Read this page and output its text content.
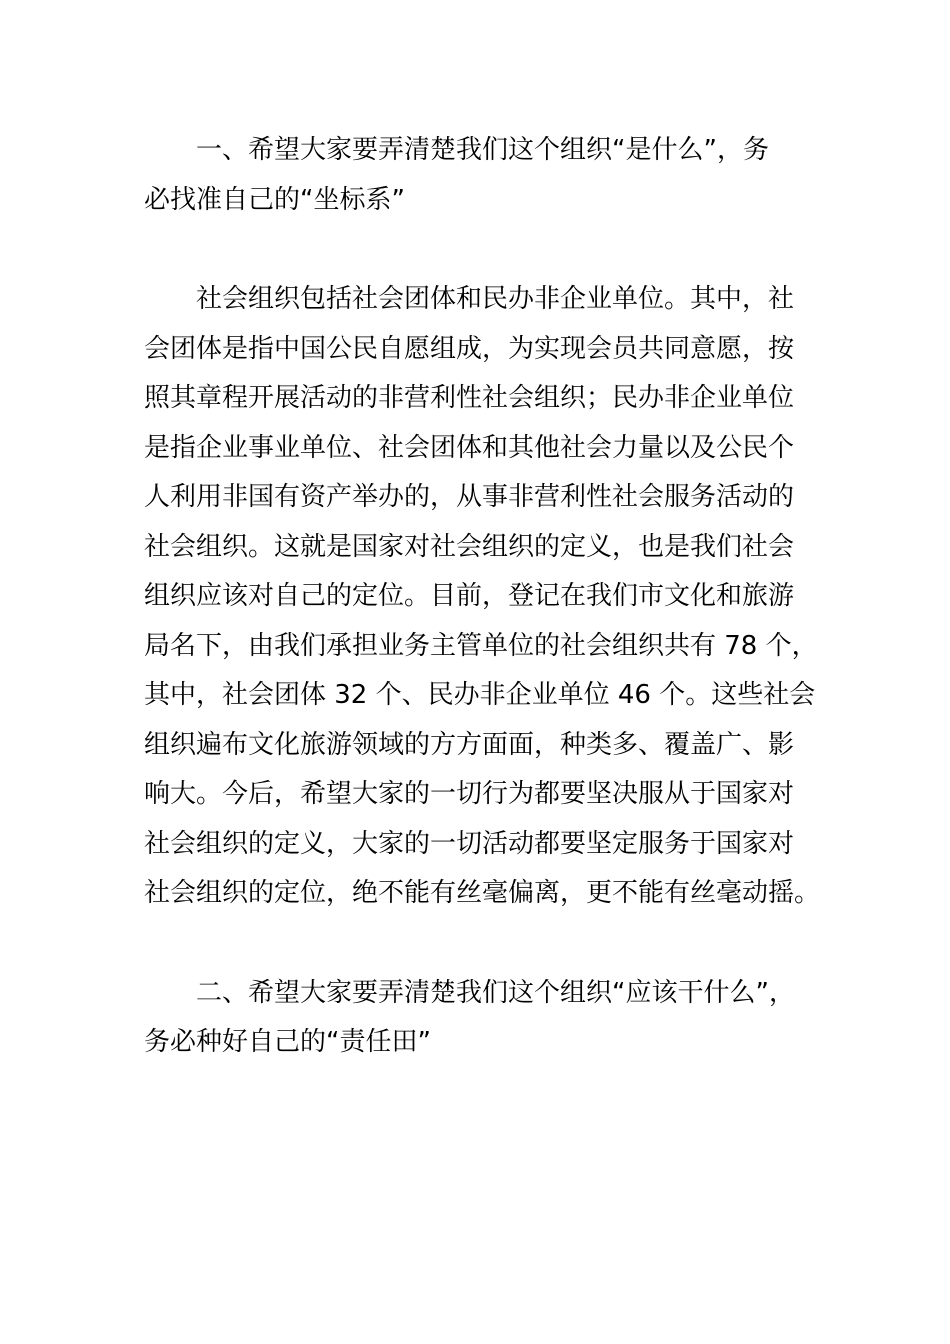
一、希望大家要弄清楚我们这个组织“是什么”，务
必找准自己的“坐标系”
社会组织包括社会团体和民办非企业单位。其中，社
会团体是指中国公民自愿组成，为实现会员共同意愿，按
照其章程开展活动的非营利性社会组织；民办非企业单位
是指企业事业单位、社会团体和其他社会力量以及公民个
人利用非国有资产举办的，从事非营利性社会服务活动的
社会组织。这就是国家对社会组织的定义，也是我们社会
组织应该对自己的定位。目前，登记在我们市文化和旅游
局名下，由我们承担业务主管单位的社会组织共有 78 个，
其中，社会团体 32 个、民办非企业单位 46 个。这些社会
组织遍布文化旅游领域的方方面面，种类多、覆盖广、影
响大。今后，希望大家的一切行为都要坚决服从于国家对
社会组织的定义，大家的一切活动都要坚定服务于国家对
社会组织的定位，绝不能有丝毫偏离，更不能有丝毫动摇。
二、希望大家要弄清楚我们这个组织“应该干什么”，
务必种好自己的“责任田”
